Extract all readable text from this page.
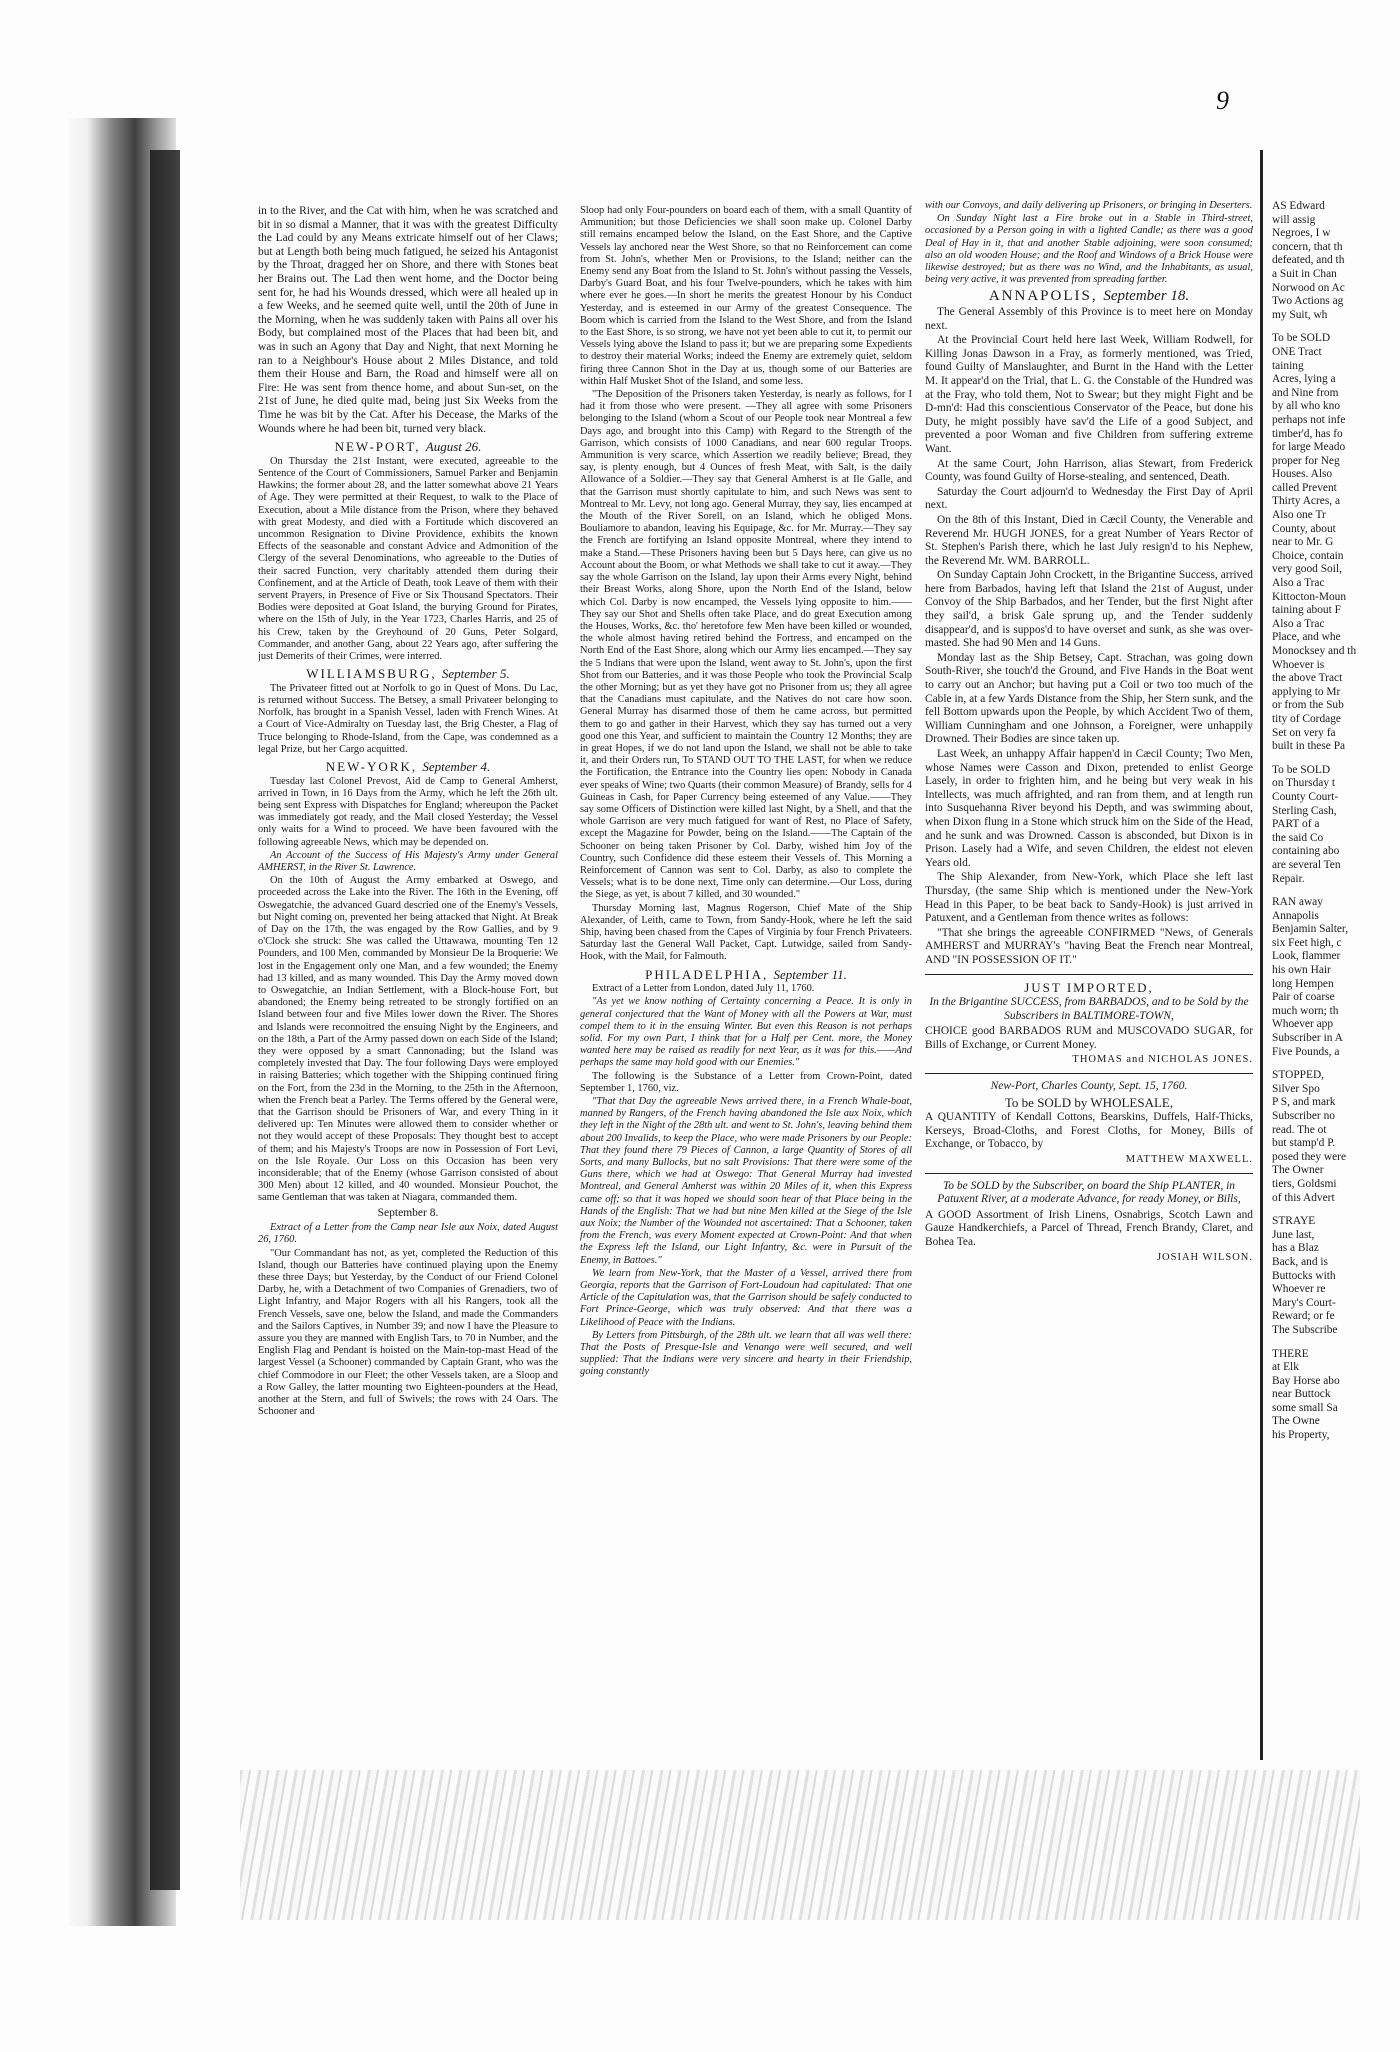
9

in to the River, and the Cat with him, when he was scratched and bit in so dismal a Manner, that it was with the greatest Difficulty the Lad could by any Means extricate himself out of her Claws; but at Length both being much fatigued, he seized his Antagonist by the Throat, dragged her on Shore, and there with Stones beat her Brains out. The Lad then went home, and the Doctor being sent for, he had his Wounds dressed, which were all healed up in a few Weeks, and he seemed quite well, until the 20th of June in the Morning, when he was suddenly taken with Pains all over his Body, but complained most of the Places that had been bit, and was in such an Agony that Day and Night, that next Morning he ran to a Neighbour's House about 2 Miles Distance, and told them their House and Barn, the Road and himself were all on Fire: He was sent from thence home, and about Sun-set, on the 21st of June, he died quite mad, being just Six Weeks from the Time he was bit by the Cat. After his Decease, the Marks of the Wounds where he had been bit, turned very black.

NEW-PORT, August 26.

On Thursday the 21st Instant, were executed, agreeable to the Sentence of the Court of Commissioners, Samuel Parker and Benjamin Hawkins; the former about 28, and the latter somewhat above 21 Years of Age. They were permitted at their Request, to walk to the Place of Execution, about a Mile distance from the Prison, where they behaved with great Modesty, and died with a Fortitude which discovered an uncommon Resignation to Divine Providence, exhibits the known Effects of the seasonable and constant Advice and Admonition of the Clergy of the several Denominations, who agreeable to the Duties of their sacred Function, very charitably attended them during their Confinement, and at the Article of Death, took Leave of them with their servent Prayers, in Presence of Five or Six Thousand Spectators. Their Bodies were deposited at Goat Island, the burying Ground for Pirates, where on the 15th of July, in the Year 1723, Charles Harris, and 25 of his Crew, taken by the Greyhound of 20 Guns, Peter Solgard, Commander, and another Gang, about 22 Years ago, after suffering the just Demerits of their Crimes, were interred.

WILLIAMSBURG, September 5.

The Privateer fitted out at Norfolk to go in Quest of Mons. Du Lac, is returned without Success. The Betsey, a small Privateer belonging to Norfolk, has brought in a Spanish Vessel, laden with French Wines. At a Court of Vice-Admiralty on Tuesday last, the Brig Chester, a Flag of Truce belonging to Rhode-Island, from the Cape, was condemned as a legal Prize, but her Cargo acquitted.

NEW-YORK, September 4.

Tuesday last Colonel Prevost, Aid de Camp to General Amherst, arrived in Town, in 16 Days from the Army, which he left the 26th ult. being sent Express with Dispatches for England; whereupon the Packet was immediately got ready, and the Mail closed Yesterday; the Vessel only waits for a Wind to proceed. We have been favoured with the following agreeable News, which may be depended on.

An Account of the Success of His Majesty's Army under General AMHERST, in the River St. Lawrence.

On the 10th of August the Army embarked at Oswego, and proceeded across the Lake into the River. The 16th in the Evening, off Oswegatchie, the advanced Guard descried one of the Enemy's Vessels, but Night coming on, prevented her being attacked that Night. At Break of Day on the 17th, the was engaged by the Row Gallies, and by 9 o'Clock she struck: She was called the Uttawawa, mounting Ten 12 Pounders, and 100 Men, commanded by Monsieur De la Broquerie: We lost in the Engagement only one Man, and a few wounded; the Enemy had 13 killed, and as many wounded. This Day the Army moved down to Oswegatchie, an Indian Settlement, with a Block-house Fort, but abandoned; the Enemy being retreated to be strongly fortified on an Island between four and five Miles lower down the River. The Shores and Islands were reconnoitred the ensuing Night by the Engineers, and on the 18th, a Part of the Army passed down on each Side of the Island; they were opposed by a smart Cannonading; but the Island was completely invested that Day. The four following Days were employed in raising Batteries; which together with the Shipping continued firing on the Fort, from the 23d in the Morning, to the 25th in the Afternoon, when the French beat a Parley. The Terms offered by the General were, that the Garrison should be Prisoners of War, and every Thing in it delivered up: Ten Minutes were allowed them to consider whether or not they would accept of these Proposals: They thought best to accept of them; and his Majesty's Troops are now in Possession of Fort Levi, on the Isle Royale. Our Loss on this Occasion has been very inconsiderable; that of the Enemy (whose Garrison consisted of about 300 Men) about 12 killed, and 40 wounded. Monsieur Pouchot, the same Gentleman that was taken at Niagara, commanded them.

September 8.

Extract of a Letter from the Camp near Isle aux Noix, dated August 26, 1760.

"Our Commandant has not, as yet, completed the Reduction of this Island, though our Batteries have continued playing upon the Enemy these three Days; but Yesterday, by the Conduct of our Friend Colonel Darby, he, with a Detachment of two Companies of Grenadiers, two of Light Infantry, and Major Rogers with all his Rangers, took all the French Vessels, save one, below the Island, and made the Commanders and the Sailors Captives, in Number 39; and now I have the Pleasure to assure you they are manned with English Tars, to 70 in Number, and the English Flag and Pendant is hoisted on the Main-top-mast Head of the largest Vessel (a Schooner) commanded by Captain Grant, who was the chief Commodore in our Fleet; the other Vessels taken, are a Sloop and a Row Galley, the latter mounting two Eighteen-pounders at the Head, another at the Stern, and full of Swivels; the rows with 24 Oars. The Schooner and

Sloop had only Four-pounders on board each of them, with a small Quantity of Ammunition; but those Deficiencies we shall soon make up. Colonel Darby still remains encamped below the Island, on the East Shore, and the Captive Vessels lay anchored near the West Shore, so that no Reinforcement can come from St. John's, whether Men or Provisions, to the Island; neither can the Enemy send any Boat from the Island to St. John's without passing the Vessels, Darby's Guard Boat, and his four Twelve-pounders, which he takes with him where ever he goes.—In short he merits the greatest Honour by his Conduct Yesterday, and is esteemed in our Army of the greatest Consequence. The Boom which is carried from the Island to the West Shore, and from the Island to the East Shore, is so strong, we have not yet been able to cut it, to permit our Vessels lying above the Island to pass it; but we are preparing some Expedients to destroy their material Works; indeed the Enemy are extremely quiet, seldom firing three Cannon Shot in the Day at us, though some of our Batteries are within Half Musket Shot of the Island, and some less.

"The Deposition of the Prisoners taken Yesterday, is nearly as follows, for I had it from those who were present. —They all agree with some Prisoners belonging to the Island (whom a Scout of our People took near Montreal a few Days ago, and brought into this Camp) with Regard to the Strength of the Garrison, which consists of 1000 Canadians, and near 600 regular Troops. Ammunition is very scarce, which Assertion we readily believe; Bread, they say, is plenty enough, but 4 Ounces of fresh Meat, with Salt, is the daily Allowance of a Soldier.—They say that General Amherst is at Ile Galle, and that the Garrison must shortly capitulate to him, and such News was sent to Montreal to Mr. Levy, not long ago. General Murray, they say, lies encamped at the Mouth of the River Sorell, on an Island, which he obliged Mons. Bouliamore to abandon, leaving his Equipage, &c. for Mr. Murray.—They say the French are fortifying an Island opposite Montreal, where they intend to make a Stand.—These Prisoners having been but 5 Days here, can give us no Account about the Boom, or what Methods we shall take to cut it away.—They say the whole Garrison on the Island, lay upon their Arms every Night, behind their Breast Works, along Shore, upon the North End of the Island, below which Col. Darby is now encamped, the Vessels lying opposite to him.——They say our Shot and Shells often take Place, and do great Execution among the Houses, Works, &c. tho' heretofore few Men have been killed or wounded, the whole almost having retired behind the Fortress, and encamped on the North End of the East Shore, along which our Army lies encamped.—They say the 5 Indians that were upon the Island, went away to St. John's, upon the first Shot from our Batteries, and it was those People who took the Provincial Scalp the other Morning; but as yet they have got no Prisoner from us; they all agree that the Canadians must capitulate, and the Natives do not care how soon. General Murray has disarmed those of them he came across, but permitted them to go and gather in their Harvest, which they say has turned out a very good one this Year, and sufficient to maintain the Country 12 Months; they are in great Hopes, if we do not land upon the Island, we shall not be able to take it, and their Orders run, To STAND OUT TO THE LAST, for when we reduce the Fortification, the Entrance into the Country lies open: Nobody in Canada ever speaks of Wine; two Quarts (their common Measure) of Brandy, sells for 4 Guineas in Cash, for Paper Currency being esteemed of any Value.——They say some Officers of Distinction were killed last Night, by a Shell, and that the whole Garrison are very much fatigued for want of Rest, no Place of Safety, except the Magazine for Powder, being on the Island.——The Captain of the Schooner on being taken Prisoner by Col. Darby, wished him Joy of the Country, such Confidence did these esteem their Vessels of. This Morning a Reinforcement of Cannon was sent to Col. Darby, as also to complete the Vessels; what is to be done next, Time only can determine.—Our Loss, during the Siege, as yet, is about 7 killed, and 30 wounded."

Thursday Morning last, Magnus Rogerson, Chief Mate of the Ship Alexander, of Leith, came to Town, from Sandy-Hook, where he left the said Ship, having been chased from the Capes of Virginia by four French Privateers. Saturday last the General Wall Packet, Capt. Lutwidge, sailed from Sandy-Hook, with the Mail, for Falmouth.

PHILADELPHIA, September 11.

Extract of a Letter from London, dated July 11, 1760.

"As yet we know nothing of Certainty concerning a Peace. It is only in general conjectured that the Want of Money with all the Powers at War, must compel them to it in the ensuing Winter. But even this Reason is not perhaps solid. For my own Part, I think that for a Half per Cent. more, the Money wanted here may be raised as readily for next Year, as it was for this.——And perhaps the same may hold good with our Enemies."

The following is the Substance of a Letter from Crown-Point, dated September 1, 1760, viz.

"That that Day the agreeable News arrived there, in a French Whale-boat, manned by Rangers, of the French having abandoned the Isle aux Noix, which they left in the Night of the 28th ult. and went to St. John's, leaving behind them about 200 Invalids, to keep the Place, who were made Prisoners by our People: That they found there 79 Pieces of Cannon, a large Quantity of Stores of all Sorts, and many Bullocks, but no salt Provisions: That there were some of the Guns there, which we had at Oswego: That General Murray had invested Montreal, and General Amherst was within 20 Miles of it, when this Express came off; so that it was hoped we should soon hear of that Place being in the Hands of the English: That we had but nine Men killed at the Siege of the Isle aux Noix; the Number of the Wounded not ascertained: That a Schooner, taken from the French, was every Moment expected at Crown-Point: And that when the Express left the Island, our Light Infantry, &c. were in Pursuit of the Enemy, in Battoes."

We learn from New-York, that the Master of a Vessel, arrived there from Georgia, reports that the Garrison of Fort-Loudoun had capitulated: That one Article of the Capitulation was, that the Garrison should be safely conducted to Fort Prince-George, which was truly observed: And that there was a Likelihood of Peace with the Indians.

By Letters from Pittsburgh, of the 28th ult. we learn that all was well there: That the Posts of Presque-Isle and Venango were well secured, and well supplied: That the Indians were very sincere and hearty in their Friendship, going constantly

with our Convoys, and daily delivering up Prisoners, or bringing in Deserters.

On Sunday Night last a Fire broke out in a Stable in Third-street, occasioned by a Person going in with a lighted Candle; as there was a good Deal of Hay in it, that and another Stable adjoining, were soon consumed; also an old wooden House; and the Roof and Windows of a Brick House were likewise destroyed; but as there was no Wind, and the Inhabitants, as usual, being very active, it was prevented from spreading farther.

ANNAPOLIS, September 18.

The General Assembly of this Province is to meet here on Monday next.

At the Provincial Court held here last Week, William Rodwell, for Killing Jonas Dawson in a Fray, as formerly mentioned, was Tried, found Guilty of Manslaughter, and Burnt in the Hand with the Letter M. It appear'd on the Trial, that L. G. the Constable of the Hundred was at the Fray, who told them, Not to Swear; but they might Fight and be D-mn'd: Had this conscientious Conservator of the Peace, but done his Duty, he might possibly have sav'd the Life of a good Subject, and prevented a poor Woman and five Children from suffering extreme Want.

At the same Court, John Harrison, alias Stewart, from Frederick County, was found Guilty of Horse-stealing, and sentenced, Death.

Saturday the Court adjourn'd to Wednesday the First Day of April next.

On the 8th of this Instant, Died in Cæcil County, the Venerable and Reverend Mr. HUGH JONES, for a great Number of Years Rector of St. Stephen's Parish there, which he last July resign'd to his Nephew, the Reverend Mr. WM. BARROLL.

On Sunday Captain John Crockett, in the Brigantine Success, arrived here from Barbados, having left that Island the 21st of August, under Convoy of the Ship Barbados, and her Tender, but the first Night after they sail'd, a brisk Gale sprung up, and the Tender suddenly disappear'd, and is suppos'd to have overset and sunk, as she was over-masted. She had 90 Men and 14 Guns.

Monday last as the Ship Betsey, Capt. Strachan, was going down South-River, she touch'd the Ground, and Five Hands in the Boat went to carry out an Anchor; but having put a Coil or two too much of the Cable in, at a few Yards Distance from the Ship, her Stern sunk, and the fell Bottom upwards upon the People, by which Accident Two of them, William Cunningham and one Johnson, a Foreigner, were unhappily Drowned. Their Bodies are since taken up.

Last Week, an unhappy Affair happen'd in Cæcil County; Two Men, whose Names were Casson and Dixon, pretended to enlist George Lasely, in order to frighten him, and he being but very weak in his Intellects, was much affrighted, and ran from them, and at length run into Susquehanna River beyond his Depth, and was swimming about, when Dixon flung in a Stone which struck him on the Side of the Head, and he sunk and was Drowned. Casson is absconded, but Dixon is in Prison. Lasely had a Wife, and seven Children, the eldest not eleven Years old.

The Ship Alexander, from New-York, which Place she left last Thursday, (the same Ship which is mentioned under the New-York Head in this Paper, to be beat back to Sandy-Hook) is just arrived in Patuxent, and a Gentleman from thence writes as follows:

"That she brings the agreeable CONFIRMED "News, of Generals AMHERST and MURRAY's "having Beat the French near Montreal, AND "IN POSSESSION OF IT."

JUST IMPORTED,
In the Brigantine SUCCESS, from BARBADOS, and to be Sold by the Subscribers in BALTIMORE-TOWN,

CHOICE good BARBADOS RUM and MUSCOVADO SUGAR, for Bills of Exchange, or Current Money.

THOMAS and NICHOLAS JONES.
New-Port, Charles County, Sept. 15, 1760.
To be SOLD by WHOLESALE,

A QUANTITY of Kendall Cottons, Bearskins, Duffels, Half-Thicks, Kerseys, Broad-Cloths, and Forest Cloths, for Money, Bills of Exchange, or Tobacco, by

MATTHEW MAXWELL.
To be SOLD by the Subscriber, on board the Ship PLANTER, in Patuxent River, at a moderate Advance, for ready Money, or Bills,

A GOOD Assortment of Irish Linens, Osnabrigs, Scotch Lawn and Gauze Handkerchiefs, a Parcel of Thread, French Brandy, Claret, and Bohea Tea.

JOSIAH WILSON.
AS Edward
will assig
Negroes, I w
concern, that th
defeated, and th
a Suit in Chan
Norwood on Ac
Two Actions ag
my Suit, wh
To be SOLD
ONE Tract
taining
Acres, lying a
and Nine from
by all who kno
perhaps not infe
timber'd, has fo
for large Meado
proper for Neg
Houses. Also
called Prevent
Thirty Acres, a
Also one Tr
County, about
near to Mr. G
Choice, contain
very good Soil,
Also a Trac
Kittocton-Moun
taining about F
Also a Trac
Place, and whe
Monocksey and th
Whoever is
the above Tract
applying to Mr
or from the Sub
tity of Cordage
Set on very fa
built in these Pa
To be SOLD
on Thursday t
County Court-
Sterling Cash,
PART of a
the said Co
containing abo
are several Ten
Repair.
RAN away
Annapolis
Benjamin Salter,
six Feet high, c
Look, flammer
his own Hair
long Hempen
Pair of coarse
much worn; th
Whoever app
Subscriber in A
Five Pounds, a
STOPPED,
Silver Spo
P S, and mark
Subscriber no
read. The ot
but stamp'd P.
posed they were
The Owner
tiers, Goldsmi
of this Advert
STRAYE
June last,
has a Blaz
Back, and is
Buttocks with
Whoever re
Mary's Court-
Reward; or fe
The Subscribe
THERE
at Elk
Bay Horse abo
near Buttock
some small Sa
The Owne
his Property,
